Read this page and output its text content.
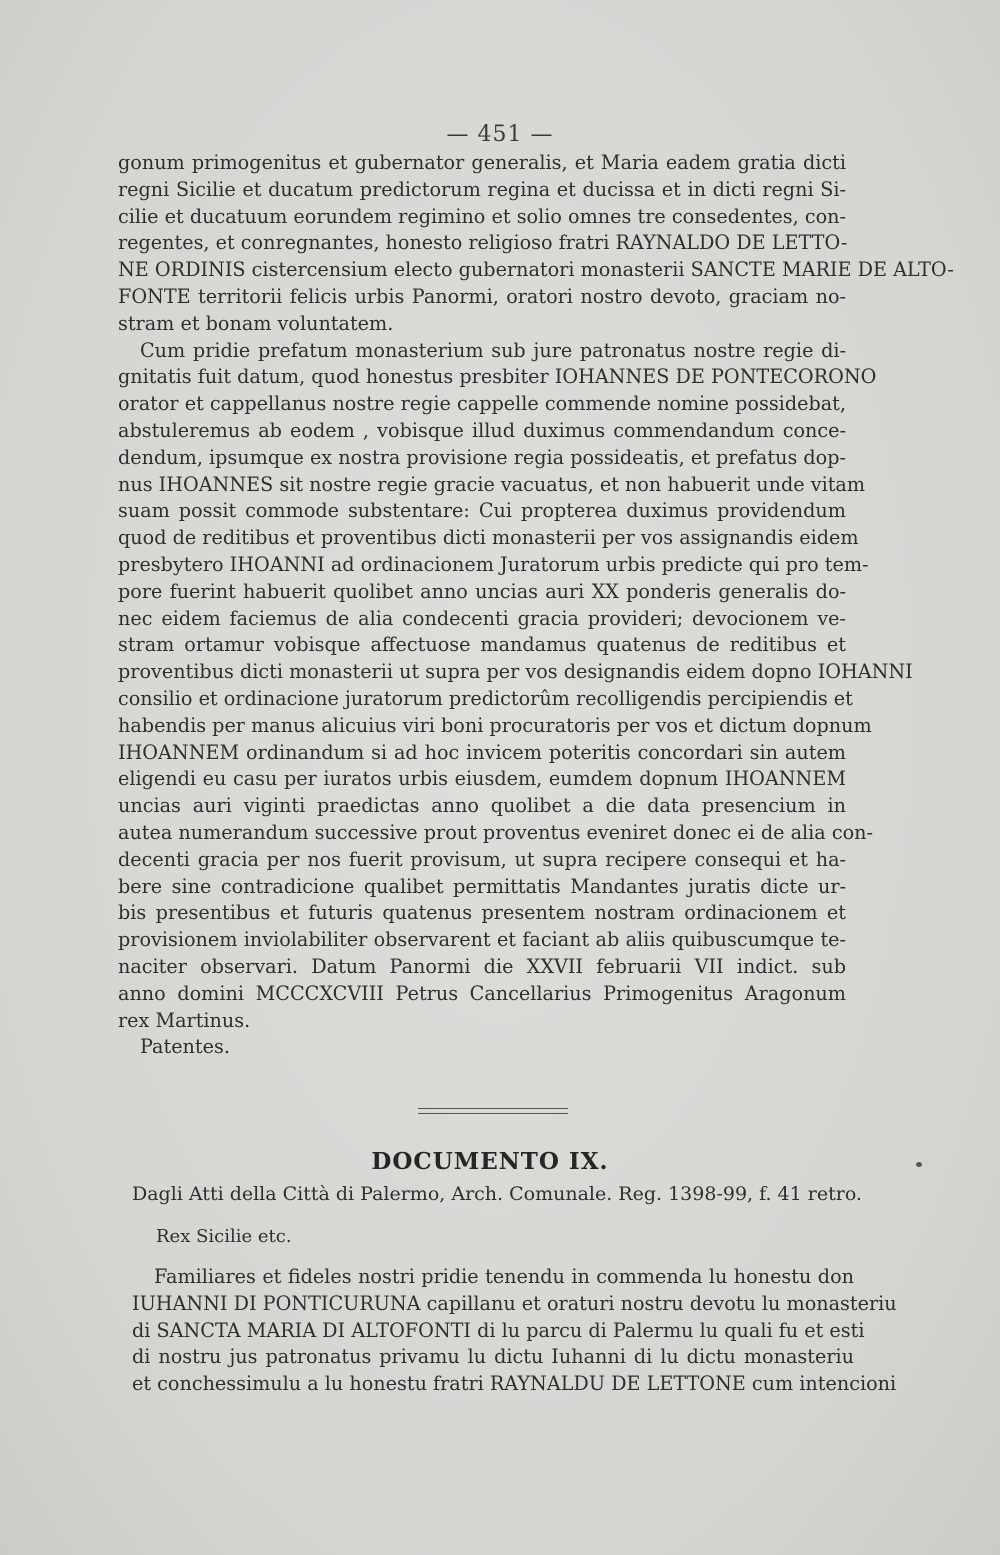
— 451 —
gonum primogenitus et gubernator generalis, et Maria eadem gratia dicti
regni Sicilie et ducatum predictorum regina et ducissa et in dicti regni Si-
cilie et ducatuum eorundem regimino et solio omnes tre consedentes, con-
regentes, et conregnantes, honesto religioso fratri RAYNALDO DE LETTO-
NE ORDINIS cistercensium electo gubernatori monasterii SANCTE MARIE DE ALTO-
FONTE territorii felicis urbis Panormi, oratori nostro devoto, graciam no-
stram et bonam voluntatem.
Cum pridie prefatum monasterium sub jure patronatus nostre regie di-
gnitatis fuit datum, quod honestus presbiter IOHANNES DE PONTECORONO
orator et cappellanus nostre regie cappelle commende nomine possidebat,
abstuleremus ab eodem , vobisque illud duximus commendandum conce-
dendum, ipsumque ex nostra provisione regia possideatis, et prefatus dop-
nus IHOANNES sit nostre regie gracie vacuatus, et non habuerit unde vitam
suam possit commode substentare: Cui propterea duximus providendum
quod de reditibus et proventibus dicti monasterii per vos assignandis eidem
presbytero IHOANNI ad ordinacionem Juratorum urbis predicte qui pro tem-
pore fuerint habuerit quolibet anno uncias auri XX ponderis generalis do-
nec eidem faciemus de alia condecenti gracia provideri; devocionem ve-
stram ortamur vobisque affectuose mandamus quatenus de reditibus et
proventibus dicti monasterii ut supra per vos designandis eidem dopno IOHANNI
consilio et ordinacione juratorum predictorûm recolligendis percipiendis et
habendis per manus alicuius viri boni procuratoris per vos et dictum dopnum
IHOANNEM ordinandum si ad hoc invicem poteritis concordari sin autem
eligendi eu casu per iuratos urbis eiusdem, eumdem dopnum IHOANNEM
uncias auri viginti praedictas anno quolibet a die data presencium in
autea numerandum successive prout proventus eveniret donec ei de alia con-
decenti gracia per nos fuerit provisum, ut supra recipere consequi et ha-
bere sine contradicione qualibet permittatis Mandantes juratis dicte ur-
bis presentibus et futuris quatenus presentem nostram ordinacionem et
provisionem inviolabiliter observarent et faciant ab aliis quibuscumque te-
naciter observari. Datum Panormi die XXVII februarii VII indict. sub
anno domini MCCCXCVIII Petrus Cancellarius Primogenitus Aragonum
rex Martinus.
Patentes.
DOCUMENTO IX.
Dagli Atti della Città di Palermo, Arch. Comunale. Reg. 1398-99, f. 41 retro.
Rex Sicilie etc.
Familiares et fideles nostri pridie tenendu in commenda lu honestu don
IUHANNI DI PONTICURUNA capillanu et oraturi nostru devotu lu monasteriu
di SANCTA MARIA DI ALTOFONTI di lu parcu di Palermu lu quali fu et esti
di nostru jus patronatus privamu lu dictu Iuhanni di lu dictu monasteriu
et conchessimulu a lu honestu fratri RAYNALDU DE LETTONE cum intencioni
